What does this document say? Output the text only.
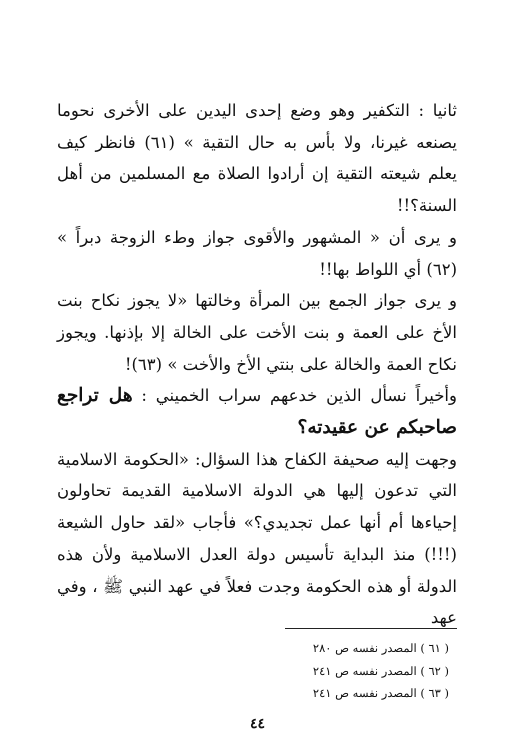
ثانيا : التكفير وهو وضع إحدى اليدين على الأخرى نحوما يصنعه غيرنا، ولا بأس به حال التقية » (٦١) فانظر كيف يعلم شيعته التقية إن أرادوا الصلاة مع المسلمين من أهل السنة؟!!

و يرى أن « المشهور والأقوى جواز وطء الزوجة دبراً » (٦٢) أي اللواط بها!!

و يرى جواز الجمع بين المرأة وخالتها «لا يجوز نكاح بنت الأخ على العمة و بنت الأخت على الخالة إلا بإذنها. ويجوز نكاح العمة والخالة على بنتي الأخ والأخت » (٦٣)!

وأخيراً نسأل الذين خدعهم سراب الخميني : هل تراجع صاحبكم عن عقيدته؟

وجهت إليه صحيفة الكفاح هذا السؤال: «الحكومة الاسلامية التي تدعون إليها هي الدولة الاسلامية القديمة تحاولون إحياءها أم أنها عمل تجديدي؟» فأجاب «لقد حاول الشيعة (!!!) منذ البداية تأسيس دولة العدل الاسلامية ولأن هذه الدولة أو هذه الحكومة وجدت فعلاً في عهد النبي ﷺ ، وفي عهد

( ٦١ ) المصدر نفسه ص ٢٨٠
( ٦٢ ) المصدر نفسه ص ٢٤١
( ٦٣ ) المصدر نفسه ص ٢٤١
٤٤
